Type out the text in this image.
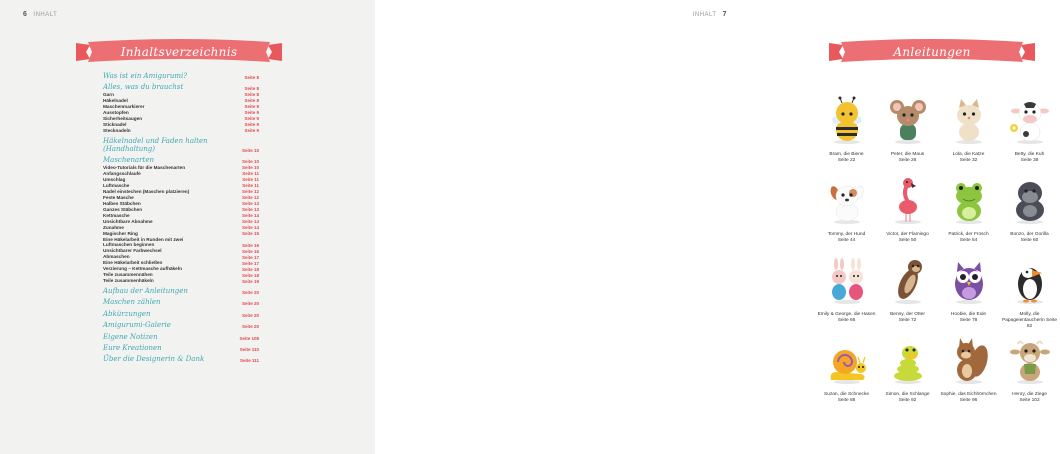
6 INHALT
Inhaltsverzeichnis
Was ist ein Amigurumi?	Seite 8
Alles, was du brauchst	Seite 8
Garn	Seite 8
Häkelnadel	Seite 8
Maschenmarkierer	Seite 9
Ausstopfen	Seite 9
Sicherheitsaugen	Seite 9
Sticknadel	Seite 9
Stecknadeln	Seite 9
Häkelnadel und Faden halten (Handhaltung)	Seite 10
Maschenarten	Seite 10
Video-Tutorials für die Maschenarten	Seite 10
Anfangsschlaufe	Seite 11
Umschlag	Seite 11
Luftmasche	Seite 11
Nadel einstechen (Maschen platzieren)	Seite 12
Feste Masche	Seite 12
Halbes Stäbchen	Seite 13
Ganzes Stäbchen	Seite 13
Kettmasche	Seite 14
Unsichtbare Abnahme	Seite 14
Zunahme	Seite 14
Magischer Ring	Seite 15
Eine Häkelarbeit in Runden mit zwei Luftmaschen beginnen	Seite 16
Unsichtbarer Farbwechsel	Seite 16
Abmaschen	Seite 17
Eine Häkelarbeit schließen	Seite 17
Verzierung – Kettmasche aufhäkeln	Seite 18
Teile zusammennähen	Seite 18
Teile zusammenhäkeln	Seite 19
Aufbau der Anleitungen	Seite 20
Maschen zählen	Seite 20
Abkürzungen	Seite 20
Amigurumi-Galerie	Seite 20
Eigene Notizen	Seite 108
Eure Kreationen	Seite 110
Über die Designerin & Dank	Seite 111
INHALT 7
Anleitungen
Bram, die Biene
Seite 22
Peter, die Maus
Seite 26
Lola, die Katze
Seite 32
Betty, die Kuh
Seite 38
Tommy, der Hund
Seite 44
Victor, der Flamingo
Seite 50
Patrick, der Frosch
Seite 54
Bonzo, der Gorilla
Seite 60
Emily & George, die Hasen Seite 66
Benny, der Otter
Seite 72
Hoobie, die Eule
Seite 78
Molly, die Papageientaucherin Seite 82
Suzan, die Schnecke
Seite 88
Simon, die Schlange
Seite 92
Sophie, das Eichhörnchen Seite 96
Henry, die Ziege
Seite 102
